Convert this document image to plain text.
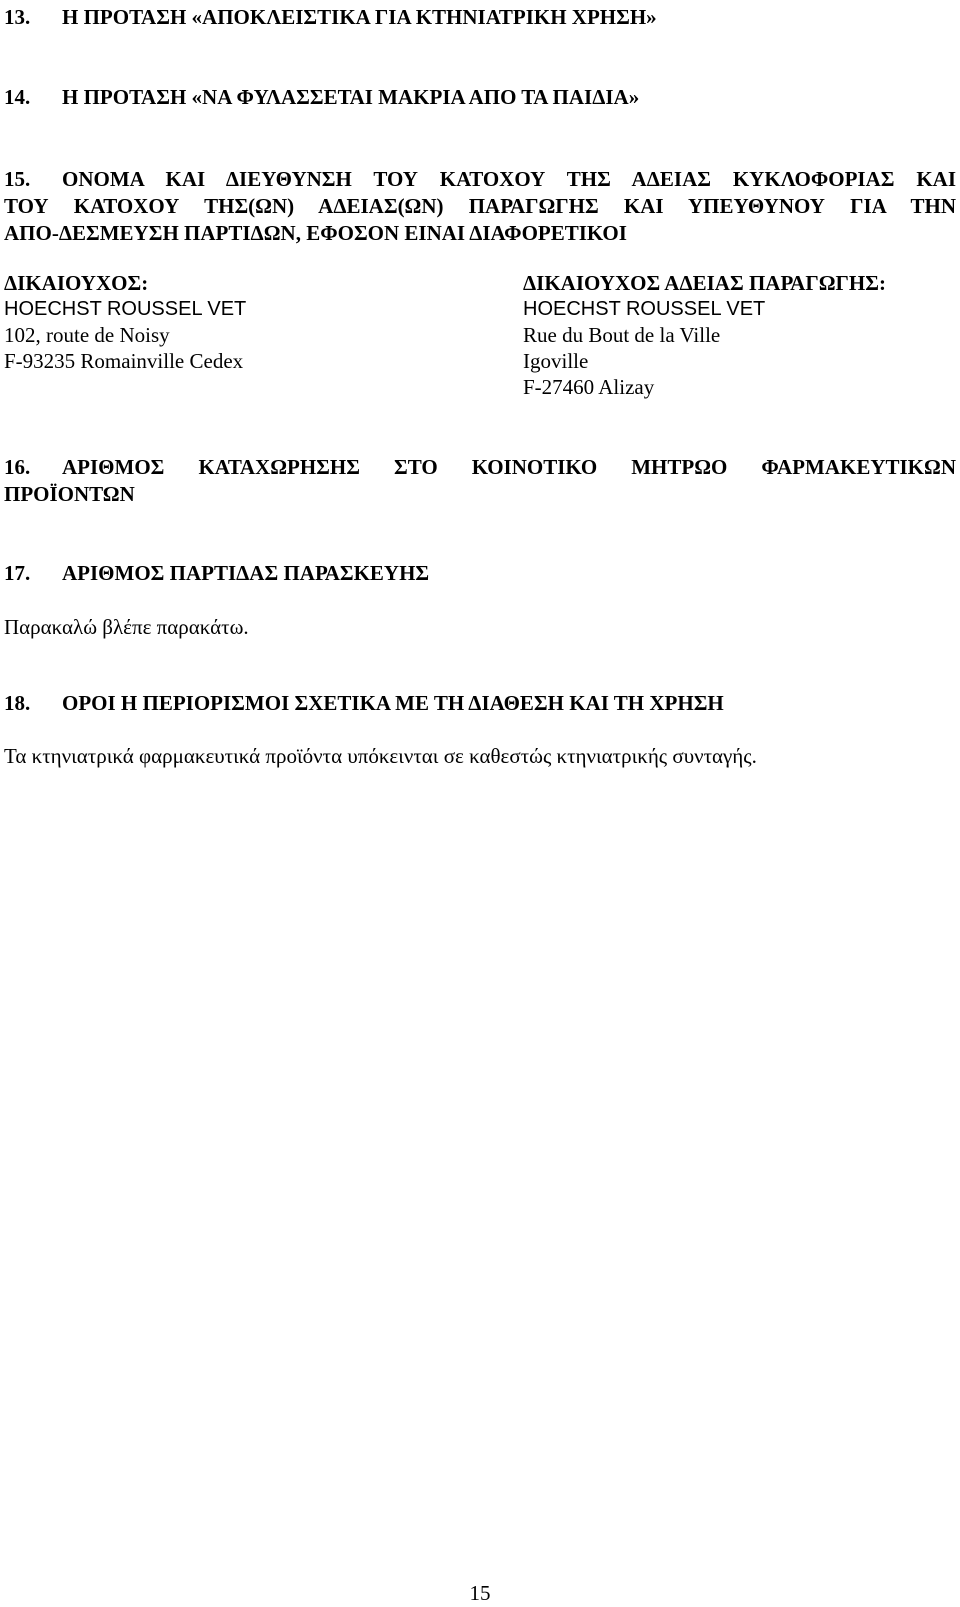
13.	Η ΠΡΟΤΑΣΗ «ΑΠΟΚΛΕΙΣΤΙΚΑ ΓΙΑ ΚΤΗΝΙΑΤΡΙΚΗ ΧΡΗΣΗ»
14.	Η ΠΡΟΤΑΣΗ «ΝΑ ΦΥΛΑΣΣΕΤΑΙ ΜΑΚΡΙΑ ΑΠΟ ΤΑ ΠΑΙΔΙΑ»
15.	ΟΝΟΜΑ ΚΑΙ ΔΙΕΥΘΥΝΣΗ ΤΟΥ ΚΑΤΟΧΟΥ ΤΗΣ ΑΔΕΙΑΣ ΚΥΚΛΟΦΟΡΙΑΣ ΚΑΙ
ΤΟΥ ΚΑΤΟΧΟΥ ΤΗΣ(ΩΝ) ΑΔΕΙΑΣ(ΩΝ) ΠΑΡΑΓΩΓΗΣ ΚΑΙ ΥΠΕΥΘΥΝΟΥ ΓΙΑ ΤΗΝ
ΑΠΟ-ΔΕΣΜΕΥΣΗ ΠΑΡΤΙΔΩΝ, ΕΦΟΣΟΝ ΕΙΝΑΙ ΔΙΑΦΟΡΕΤΙΚΟΙ
ΔΙΚΑΙΟΥΧΟΣ:
HOECHST ROUSSEL VET
102, route de Noisy
F-93235 Romainville Cedex
ΔΙΚΑΙΟΥΧΟΣ ΑΔΕΙΑΣ ΠΑΡΑΓΩΓΗΣ:
HOECHST ROUSSEL VET
Rue du Bout de la Ville
Igoville
F-27460 Alizay
16.	ΑΡΙΘΜΟΣ ΚΑΤΑΧΩΡΗΣΗΣ ΣΤΟ ΚΟΙΝΟΤΙΚΟ ΜΗΤΡΩΟ ΦΑΡΜΑΚΕΥΤΙΚΩΝ
ΠΡΟΪΟΝΤΩΝ
17.	ΑΡΙΘΜΟΣ ΠΑΡΤΙΔΑΣ ΠΑΡΑΣΚΕΥΗΣ
Παρακαλώ βλέπε παρακάτω.
18.	ΟΡΟΙ Η ΠΕΡΙΟΡΙΣΜΟΙ ΣΧΕΤΙΚΑ ΜΕ ΤΗ ΔΙΑΘΕΣΗ ΚΑΙ ΤΗ ΧΡΗΣΗ
Τα κτηνιατρικά φαρμακευτικά προϊόντα υπόκεινται σε καθεστώς κτηνιατρικής συνταγής.
15
